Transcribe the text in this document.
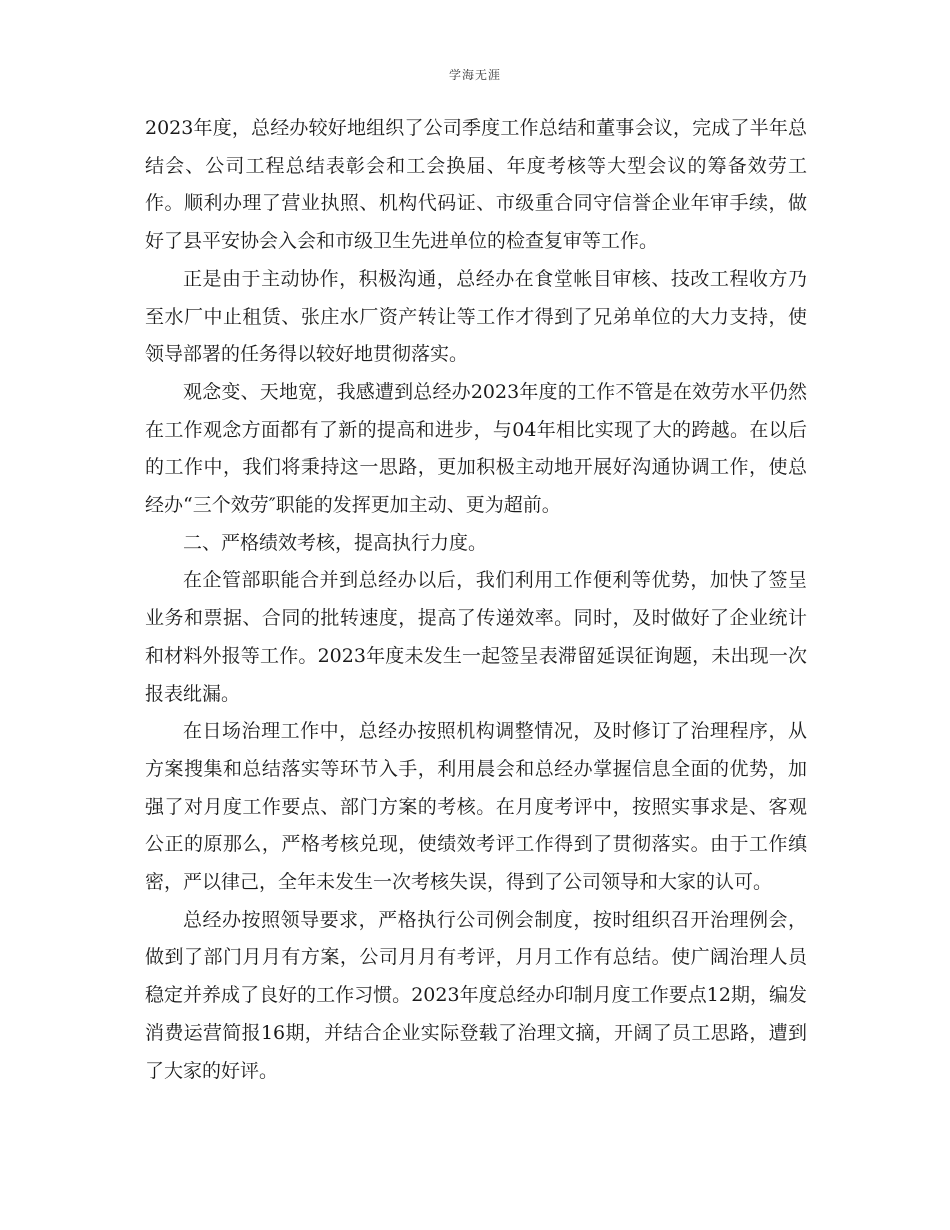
学海无涯

2023年度，总经办较好地组织了公司季度工作总结和董事会议，完成了半年总结会、公司工程总结表彰会和工会换届、年度考核等大型会议的筹备效劳工作。顺利办理了营业执照、机构代码证、市级重合同守信誉企业年审手续，做好了县平安协会入会和市级卫生先进单位的检查复审等工作。

正是由于主动协作，积极沟通，总经办在食堂帐目审核、技改工程收方乃至水厂中止租赁、张庄水厂资产转让等工作才得到了兄弟单位的大力支持，使领导部署的任务得以较好地贯彻落实。

观念变、天地宽，我感遭到总经办2023年度的工作不管是在效劳水平仍然在工作观念方面都有了新的提高和进步，与04年相比实现了大的跨越。在以后的工作中，我们将秉持这一思路，更加积极主动地开展好沟通协调工作，使总经办“三个效劳″职能的发挥更加主动、更为超前。

二、严格绩效考核，提高执行力度。

在企管部职能合并到总经办以后，我们利用工作便利等优势，加快了签呈业务和票据、合同的批转速度，提高了传递效率。同时，及时做好了企业统计和材料外报等工作。2023年度未发生一起签呈表滞留延误征询题，未出现一次报表纰漏。

在日场治理工作中，总经办按照机构调整情况，及时修订了治理程序，从方案搜集和总结落实等环节入手，利用晨会和总经办掌握信息全面的优势，加强了对月度工作要点、部门方案的考核。在月度考评中，按照实事求是、客观公正的原那么，严格考核兑现，使绩效考评工作得到了贯彻落实。由于工作缜密，严以律己，全年未发生一次考核失误，得到了公司领导和大家的认可。

总经办按照领导要求，严格执行公司例会制度，按时组织召开治理例会，做到了部门月月有方案，公司月月有考评，月月工作有总结。使广阔治理人员稳定并养成了良好的工作习惯。2023年度总经办印制月度工作要点12期，编发消费运营简报16期，并结合企业实际登载了治理文摘，开阔了员工思路，遭到了大家的好评。
